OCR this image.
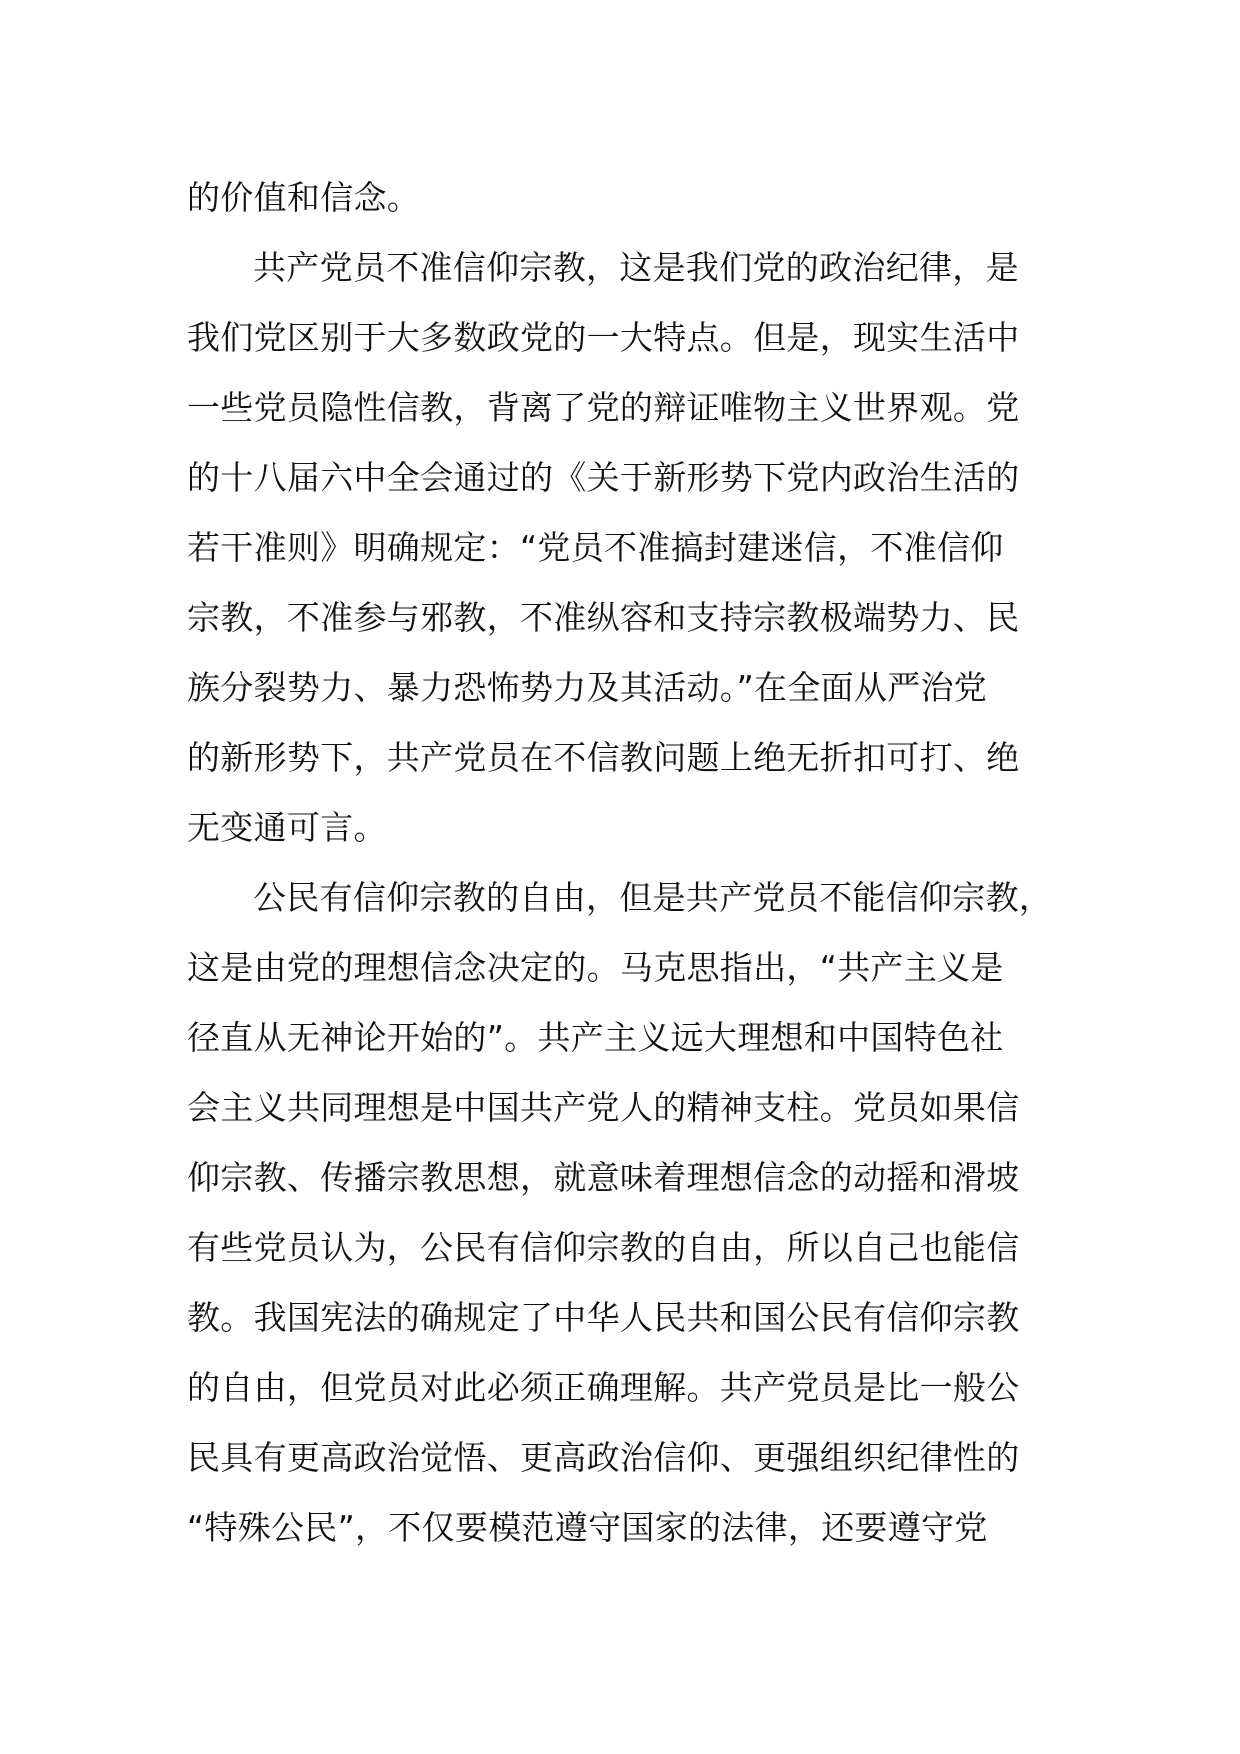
的价值和信念。
共产党员不准信仰宗教，这是我们党的政治纪律，是
我们党区别于大多数政党的一大特点。但是，现实生活中
一些党员隐性信教，背离了党的辩证唯物主义世界观。党
的十八届六中全会通过的《关于新形势下党内政治生活的
若干准则》明确规定：“党员不准搞封建迷信，不准信仰
宗教，不准参与邪教，不准纵容和支持宗教极端势力、民
族分裂势力、暴力恐怖势力及其活动。”在全面从严治党
的新形势下，共产党员在不信教问题上绝无折扣可打、绝
无变通可言。
公民有信仰宗教的自由，但是共产党员不能信仰宗教，
这是由党的理想信念决定的。马克思指出，“共产主义是
径直从无神论开始的”。共产主义远大理想和中国特色社
会主义共同理想是中国共产党人的精神支柱。党员如果信
仰宗教、传播宗教思想，就意味着理想信念的动摇和滑坡
有些党员认为，公民有信仰宗教的自由，所以自己也能信
教。我国宪法的确规定了中华人民共和国公民有信仰宗教
的自由，但党员对此必须正确理解。共产党员是比一般公
民具有更高政治觉悟、更高政治信仰、更强组织纪律性的
“特殊公民”，不仅要模范遵守国家的法律，还要遵守党
